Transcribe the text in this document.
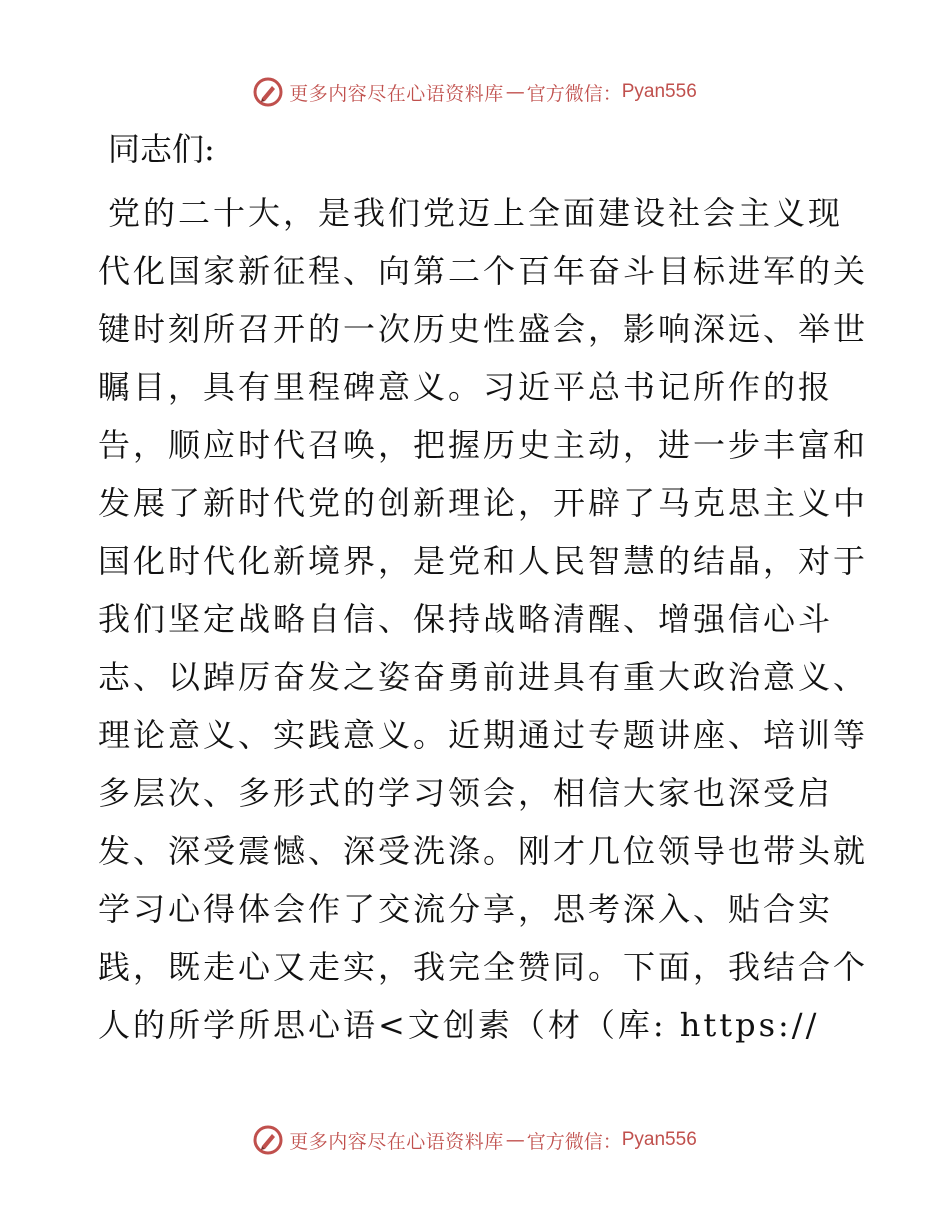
更多内容尽在心语资料库 — 官方微信： Pyan556

同志们:

党的二十大，是我们党迈上全面建设社会主义现
代化国家新征程、向第二个百年奋斗目标进军的关
键时刻所召开的一次历史性盛会，影响深远、举世
瞩目，具有里程碑意义。习近平总书记所作的报
告，顺应时代召唤，把握历史主动，进一步丰富和
发展了新时代党的创新理论，开辟了马克思主义中
国化时代化新境界，是党和人民智慧的结晶，对于
我们坚定战略自信、保持战略清醒、增强信心斗
志、以踔厉奋发之姿奋勇前进具有重大政治意义、
理论意义、实践意义。近期通过专题讲座、培训等
多层次、多形式的学习领会，相信大家也深受启
发、深受震憾、深受洗涤。刚才几位领导也带头就
学习心得体会作了交流分享，思考深入、贴合实
践，既走心又走实，我完全赞同。下面，我结合个
人的所学所思心语<文创素（材（库: https://

更多内容尽在心语资料库 — 官方微信： Pyan556
